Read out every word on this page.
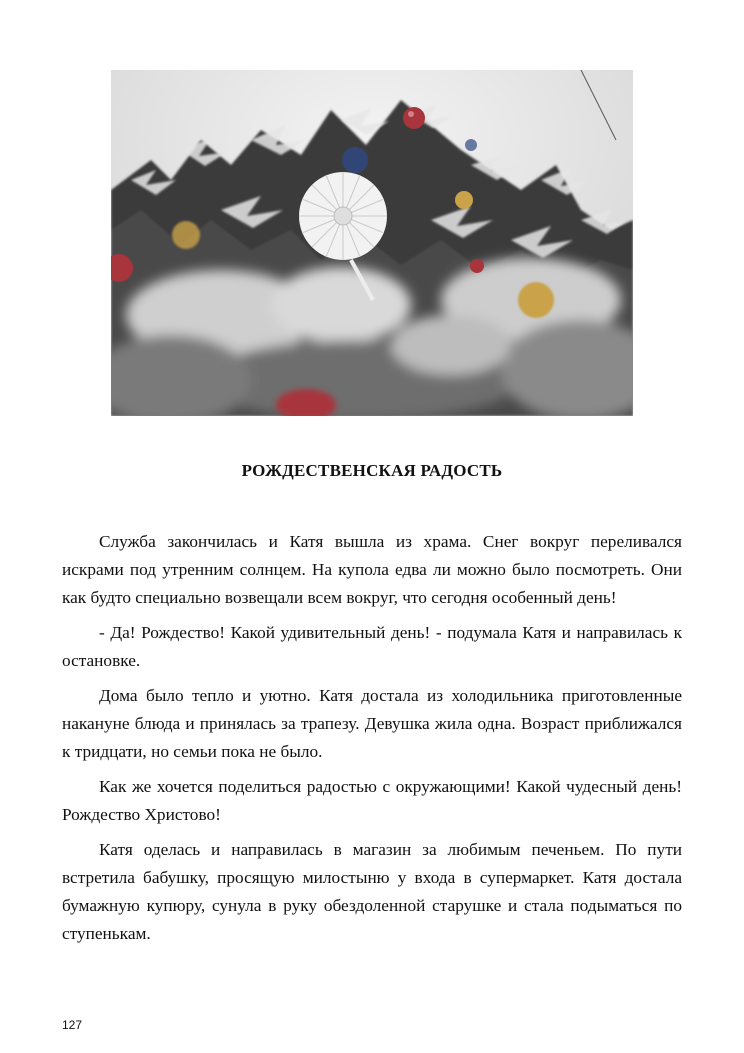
РОЖДЕСТВЕНСКАЯ РАДОСТЬ

Служба закончилась и Катя вышла из храма. Снег вокруг переливался искрами под утренним солнцем. На купола едва ли можно было посмотреть. Они как будто специально возвещали всем вокруг, что сегодня особенный день!

- Да! Рождество! Какой удивительный день! - подумала Катя и направилась к остановке.

Дома было тепло и уютно. Катя достала из холодильника приготовленные накануне блюда и принялась за трапезу. Девушка жила одна. Возраст приближался к тридцати, но семьи пока не было.

Как же хочется поделиться радостью с окружающими! Какой чудесный день! Рождество Христово!

Катя оделась и направилась в магазин за любимым печеньем. По пути встретила бабушку, просящую милостыню у входа в супермаркет. Катя достала бумажную купюру, сунула в руку обездоленной старушке и стала подыматься по ступенькам.

127
